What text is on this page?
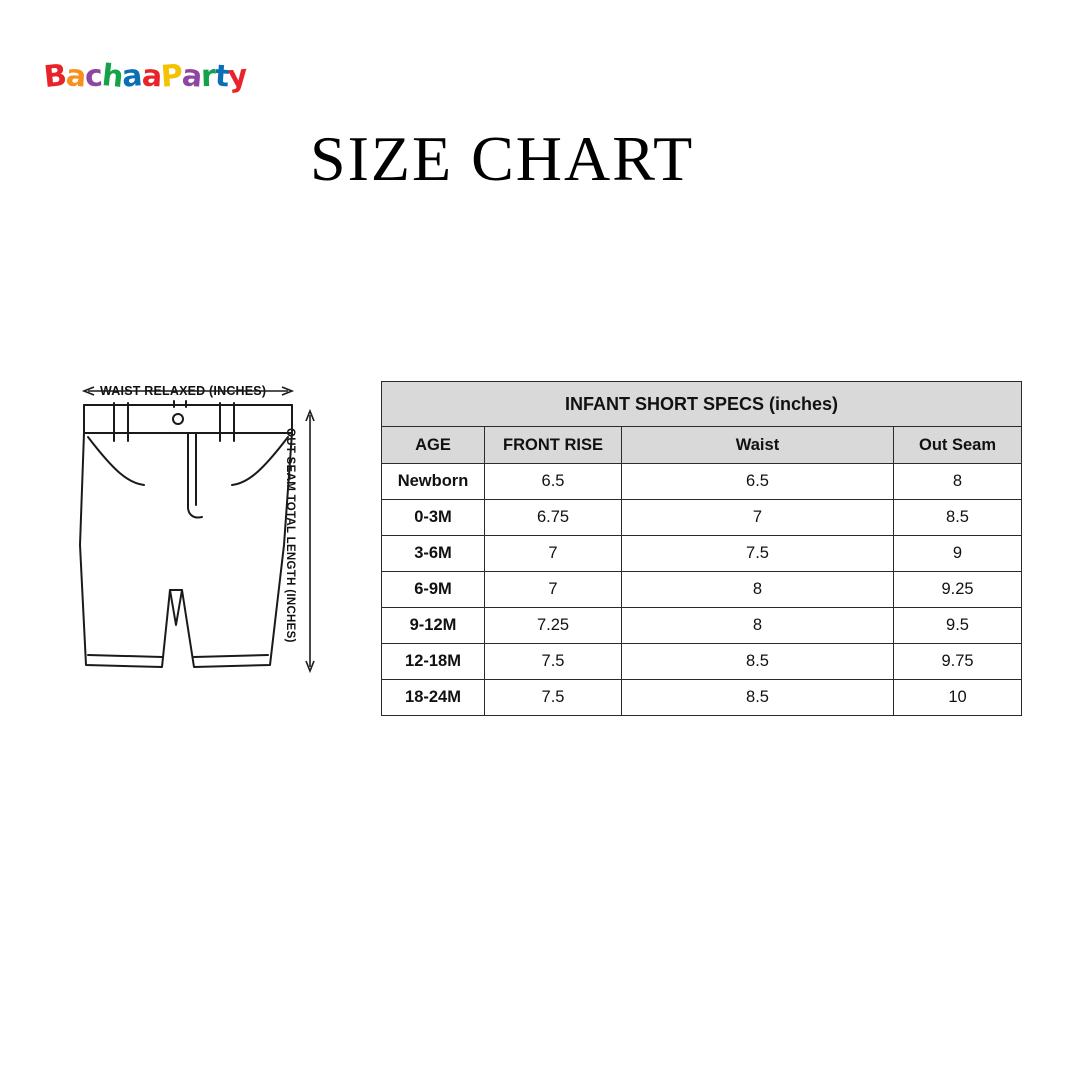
BachaaParty
SIZE CHART
WAIST RELAXED (INCHES)
OUT SEAM TOTAL LENGTH (INCHES)
INFANT SHORT SPECS (inches)			
AGE	FRONT RISE	Waist	Out Seam
Newborn	6.5	6.5	8
0-3M	6.75	7	8.5
3-6M	7	7.5	9
6-9M	7	8	9.25
9-12M	7.25	8	9.5
12-18M	7.5	8.5	9.75
18-24M	7.5	8.5	10
